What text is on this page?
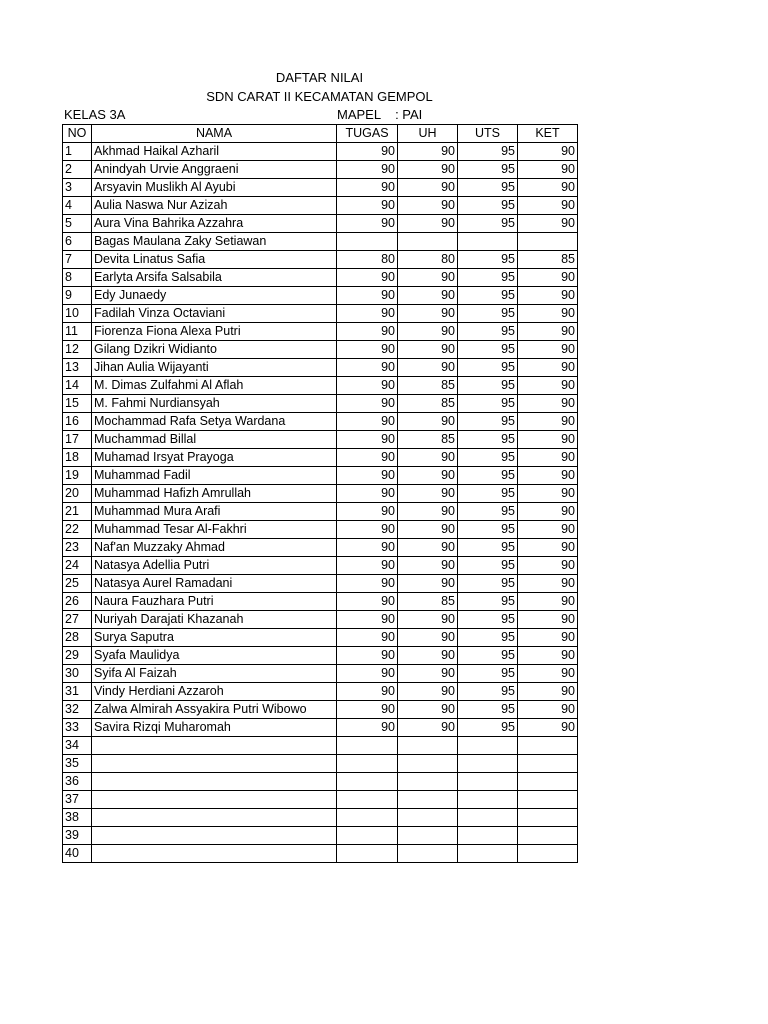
DAFTAR NILAI
SDN CARAT II KECAMATAN GEMPOL
KELAS 3A	MAPEL : PAI
NO	NAMA	TUGAS	UH	UTS	KET
1	Akhmad Haikal Azharil	90	90	95	90
2	Anindyah Urvie Anggraeni	90	90	95	90
3	Arsyavin Muslikh Al Ayubi	90	90	95	90
4	Aulia Naswa Nur Azizah	90	90	95	90
5	Aura Vina Bahrika Azzahra	90	90	95	90
6	Bagas Maulana Zaky Setiawan				
7	Devita Linatus Safia	80	80	95	85
8	Earlyta Arsifa Salsabila	90	90	95	90
9	Edy Junaedy	90	90	95	90
10	Fadilah Vinza Octaviani	90	90	95	90
11	Fiorenza Fiona Alexa Putri	90	90	95	90
12	Gilang Dzikri Widianto	90	90	95	90
13	Jihan Aulia Wijayanti	90	90	95	90
14	M. Dimas Zulfahmi Al Aflah	90	85	95	90
15	M. Fahmi Nurdiansyah	90	85	95	90
16	Mochammad Rafa Setya Wardana	90	90	95	90
17	Muchammad Billal	90	85	95	90
18	Muhamad Irsyat Prayoga	90	90	95	90
19	Muhammad Fadil	90	90	95	90
20	Muhammad Hafizh Amrullah	90	90	95	90
21	Muhammad Mura Arafi	90	90	95	90
22	Muhammad Tesar Al-Fakhri	90	90	95	90
23	Naf'an Muzzaky Ahmad	90	90	95	90
24	Natasya Adellia Putri	90	90	95	90
25	Natasya Aurel Ramadani	90	90	95	90
26	Naura Fauzhara Putri	90	85	95	90
27	Nuriyah Darajati Khazanah	90	90	95	90
28	Surya Saputra	90	90	95	90
29	Syafa Maulidya	90	90	95	90
30	Syifa Al Faizah	90	90	95	90
31	Vindy Herdiani Azzaroh	90	90	95	90
32	Zalwa Almirah Assyakira Putri Wibowo	90	90	95	90
33	Savira Rizqi Muharomah	90	90	95	90
34					
35					
36					
37					
38					
39					
40					
